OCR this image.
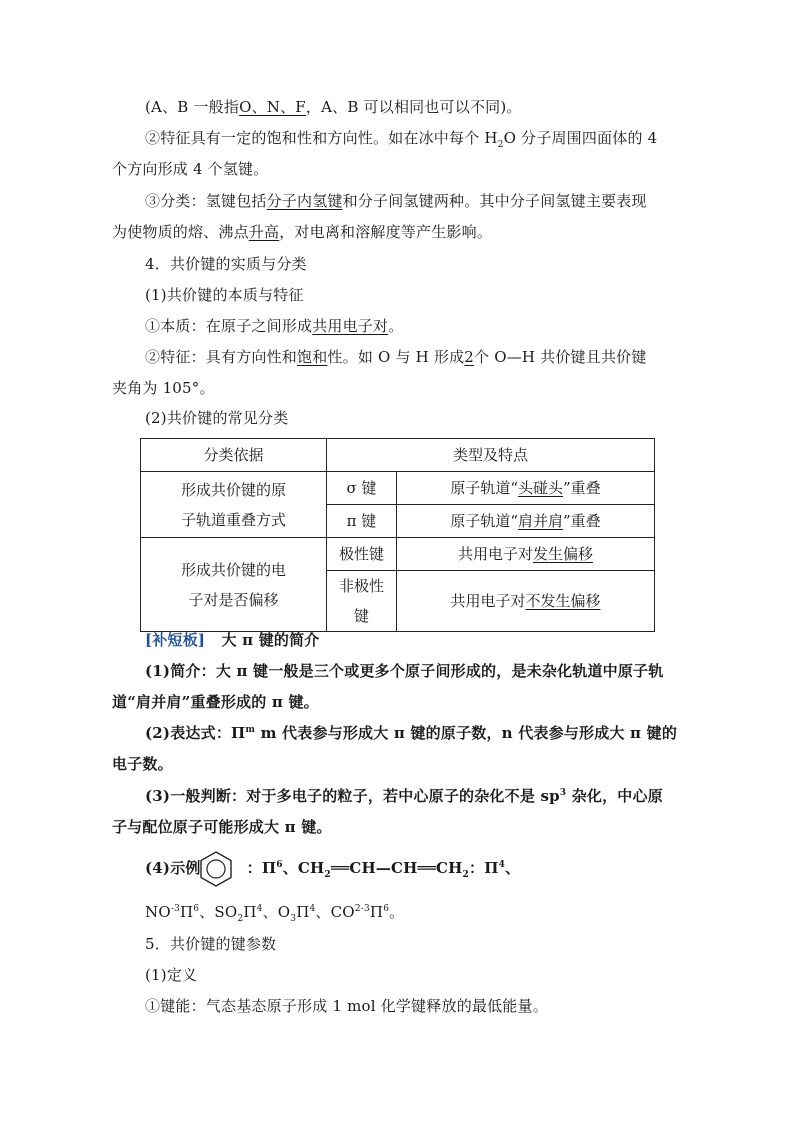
(A、B 一般指O、N、F，A、B 可以相同也可以不同)。
②特征具有一定的饱和性和方向性。如在冰中每个 $H_2O$ 分子周围四面体的 4
个方向形成 4 个氢键。
③分类：氢键包括分子内氢键和分子间氢键两种。其中分子间氢键主要表现
为使物质的熔、沸点升高，对电离和溶解度等产生影响。
4．共价键的实质与分类
(1)共价键的本质与特征
①本质：在原子之间形成共用电子对。
②特征：具有方向性和饱和性。如 O 与 H 形成2个 O—H 共价键且共价键
夹角为 105°。
(2)共价键的常见分类
分类依据	类型及特点	

形成共价键的原
子轨道重叠方式	σ 键	原子轨道“头碰头”重叠
	π 键	原子轨道“肩并肩”重叠

形成共价键的电
子对是否偏移	极性键	共用电子对发生偏移

	非极性
键	共用电子对不发生偏移
[补短板] 大 π 键的简介
(1)简介：大 π 键一般是三个或更多个原子间形成的，是未杂化轨道中原子轨
道“肩并肩”重叠形成的 π 键。
(2)表达式：$\Pi^m$ m 代表参与形成大 π 键的原子数，n 代表参与形成大 π 键的
电子数。
(3)一般判断：对于多电子的粒子，若中心原子的杂化不是 $sp^3$ 杂化，中心原
子与配位原子可能形成大 π 键。
(4)示例	：$\Pi^6$、$CH_2══CH—CH══CH_2$：$\Pi^4$、
$NO^{-3}\Pi^6$、$SO_2\Pi^4$、$O_3\Pi^4$、$CO^{2-3}\Pi^6$。
5．共价键的键参数
(1)定义
①键能：气态基态原子形成 1 mol 化学键释放的最低能量。
